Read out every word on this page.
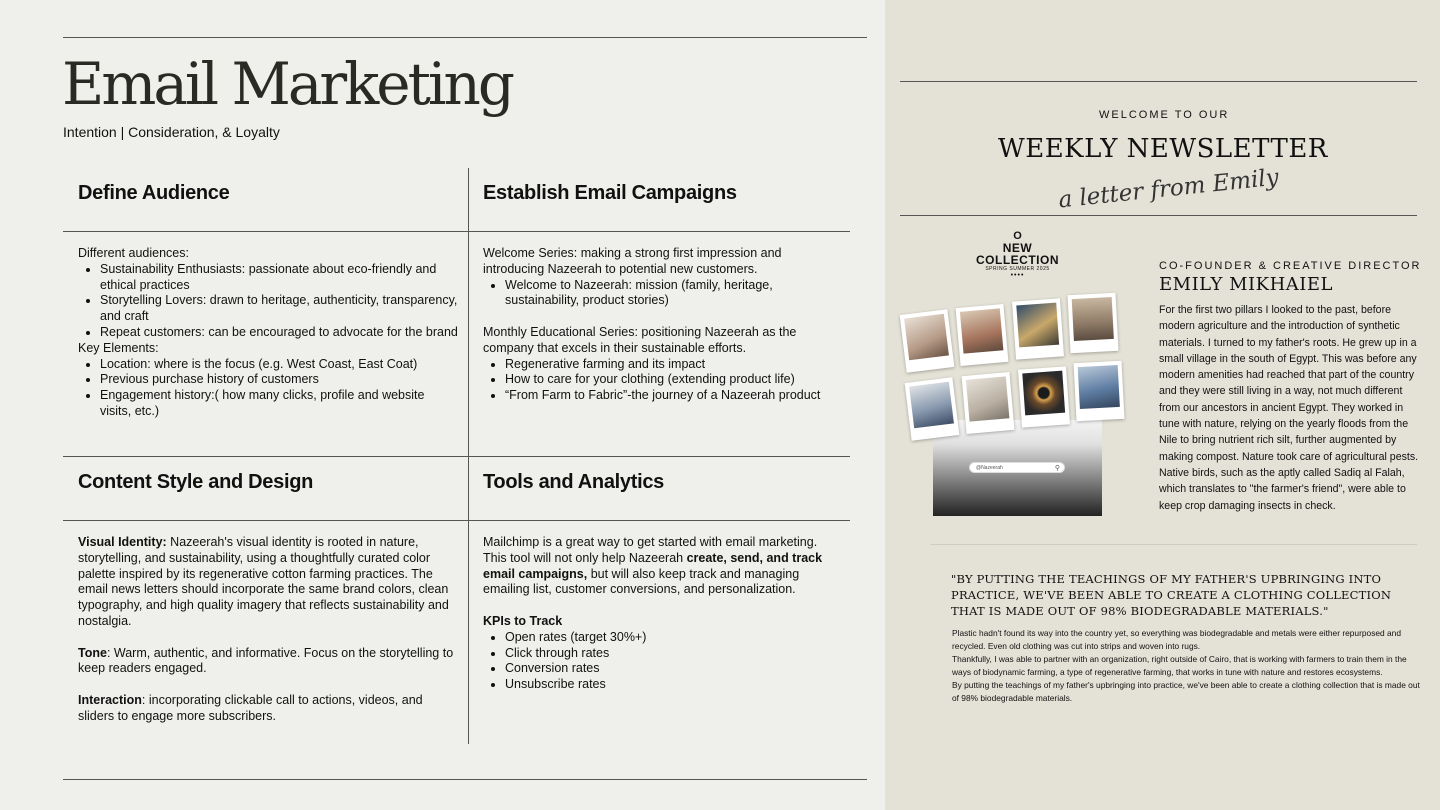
Email Marketing
Intention | Consideration, & Loyalty
Define Audience

Different audiences:

• Sustainability Enthusiasts: passionate about eco-friendly and ethical practices
• Storytelling Lovers: drawn to heritage, authenticity, transparency, and craft
• Repeat customers: can be encouraged to advocate for the brand

Key Elements:

• Location: where is the focus (e.g. West Coast, East Coat)
• Previous purchase history of customers
• Engagement history:( how many clicks, profile and website visits, etc.)
Establish Email Campaigns

Welcome Series: making a strong first impression and introducing Nazeerah to potential new customers.

• Welcome to Nazeerah: mission (family, heritage, sustainability, product stories)

Monthly Educational Series: positioning Nazeerah as the company that excels in their sustainable efforts.

• Regenerative farming and its impact
• How to care for your clothing (extending product life)
• “From Farm to Fabric”-the journey of a Nazeerah product
Content Style and Design

Visual Identity: Nazeerah's visual identity is rooted in nature, storytelling, and sustainability, using a thoughtfully curated color palette inspired by its regenerative cotton farming practices. The email news letters should incorporate the same brand colors, clean typography, and high quality imagery that reflects sustainability and nostalgia.

Tone: Warm, authentic, and informative. Focus on the storytelling to keep readers engaged.

Interaction: incorporating clickable call to actions, videos, and sliders to engage more subscribers.

Tools and Analytics

Mailchimp is a great way to get started with email marketing. This tool will not only help Nazeerah create, send, and track email campaigns, but will also keep track and managing emailing list, customer conversions, and personalization.

KPIs to Track

• Open rates (target 30%+)
• Click through rates
• Conversion rates
• Unsubscribe rates
WELCOME TO OUR
WEEKLY NEWSLETTER
a letter from Emily
O
NEW COLLECTION
SPRING SUMMER 2025
••••
@Nazeerah	⚲
CO-FOUNDER & CREATIVE DIRECTOR
EMILY MIKHAIEL
For the first two pillars I looked to the past, before modern agriculture and the introduction of synthetic materials. I turned to my father's roots. He grew up in a small village in the south of Egypt. This was before any modern amenities had reached that part of the country and they were still living in a way, not much different from our ancestors in ancient Egypt. They worked in tune with nature, relying on the yearly floods from the Nile to bring nutrient rich silt, further augmented by making compost. Nature took care of agricultural pests. Native birds, such as the aptly called Sadiq al Falah, which translates to "the farmer's friend", were able to keep crop damaging insects in check.
"BY PUTTING THE TEACHINGS OF MY FATHER'S UPBRINGING INTO PRACTICE, WE'VE BEEN ABLE TO CREATE A CLOTHING COLLECTION THAT IS MADE OUT OF 98% BIODEGRADABLE MATERIALS."
Plastic hadn't found its way into the country yet, so everything was biodegradable and metals were either repurposed and recycled. Even old clothing was cut into strips and woven into rugs.
Thankfully, I was able to partner with an organization, right outside of Cairo, that is working with farmers to train them in the ways of biodynamic farming, a type of regenerative farming, that works in tune with nature and restores ecosystems.
By putting the teachings of my father's upbringing into practice, we've been able to create a clothing collection that is made out of 98% biodegradable materials.
